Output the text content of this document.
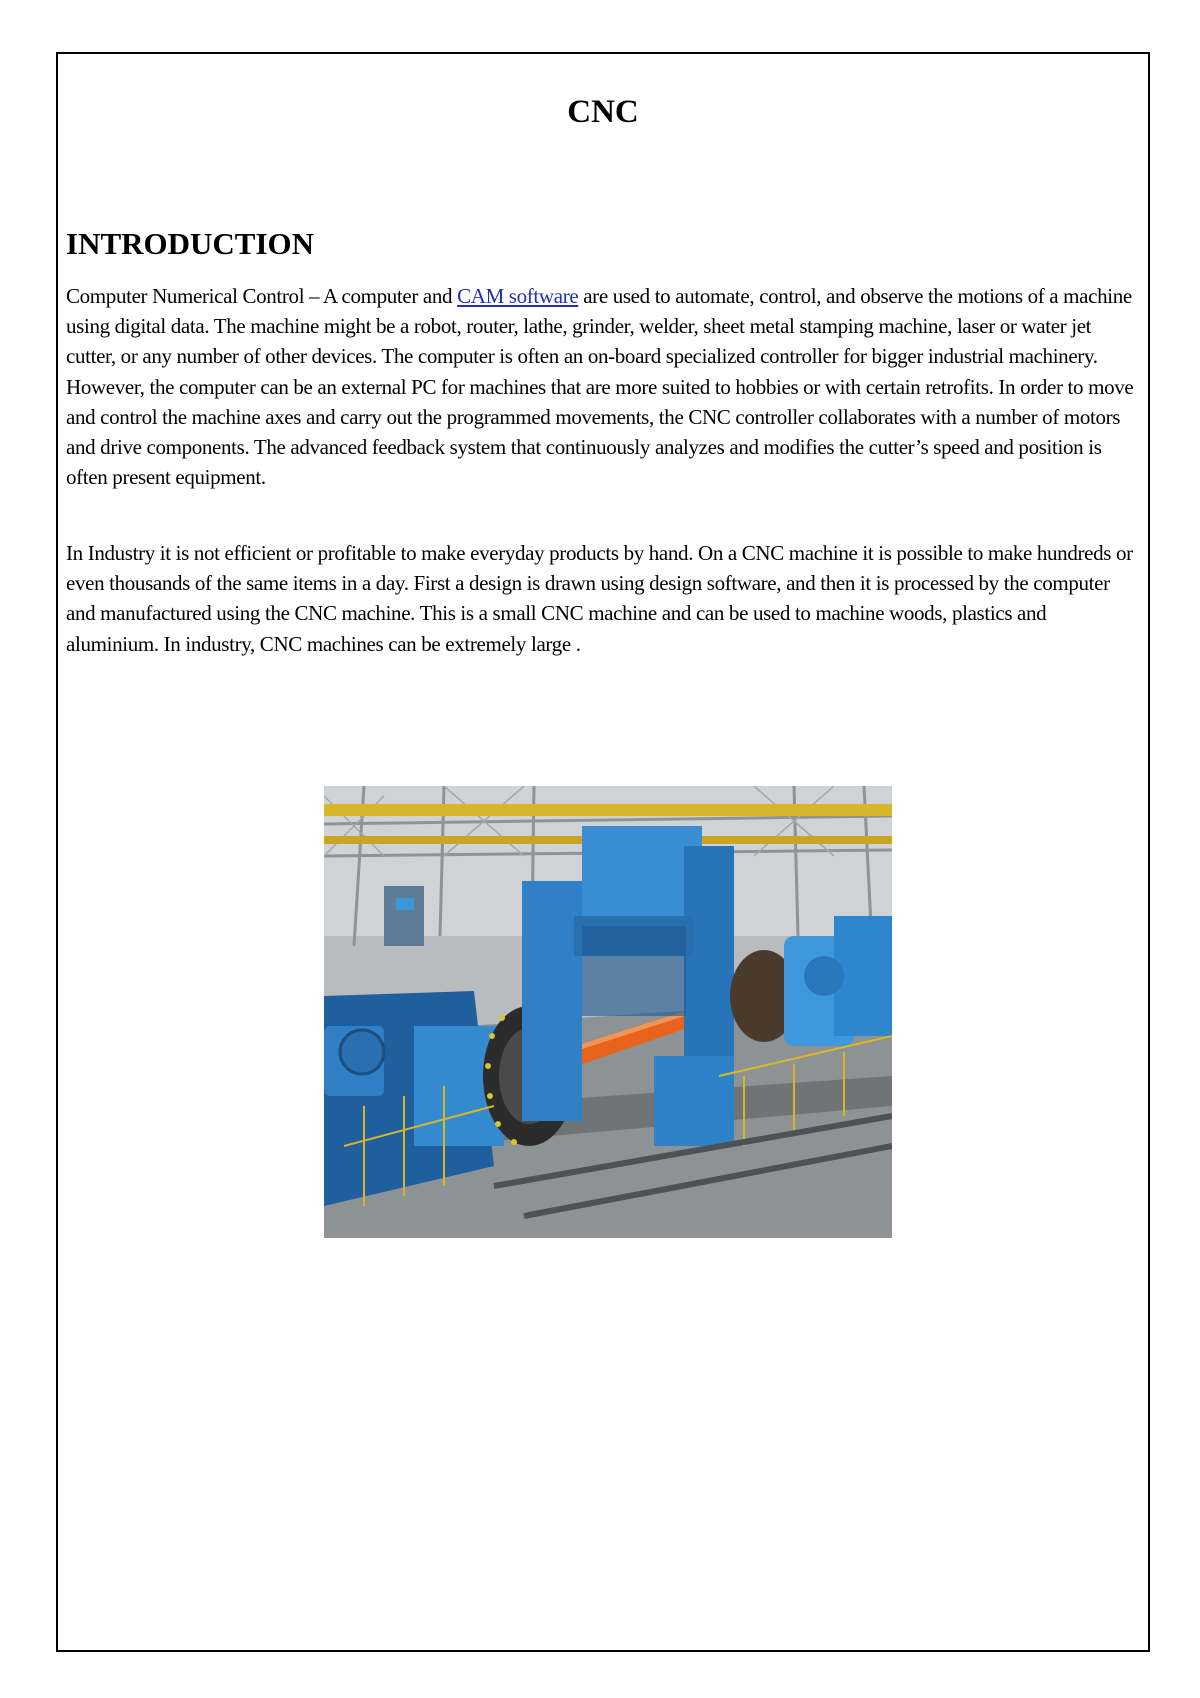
CNC
INTRODUCTION

Computer Numerical Control – A computer and CAM software are used to automate, control, and observe the motions of a machine using digital data. The machine might be a robot, router, lathe, grinder, welder, sheet metal stamping machine, laser or water jet cutter, or any number of other devices. The computer is often an on-board specialized controller for bigger industrial machinery. However, the computer can be an external PC for machines that are more suited to hobbies or with certain retrofits. In order to move and control the machine axes and carry out the programmed movements, the CNC controller collaborates with a number of motors and drive components. The advanced feedback system that continuously analyzes and modifies the cutter’s speed and position is often present equipment.

In Industry it is not efficient or profitable to make everyday products by hand. On a CNC machine it is possible to make hundreds or even thousands of the same items in a day. First a design is drawn using design software, and then it is processed by the computer and manufactured using the CNC machine. This is a small CNC machine and can be used to machine woods, plastics and aluminium. In industry, CNC machines can be extremely large .
